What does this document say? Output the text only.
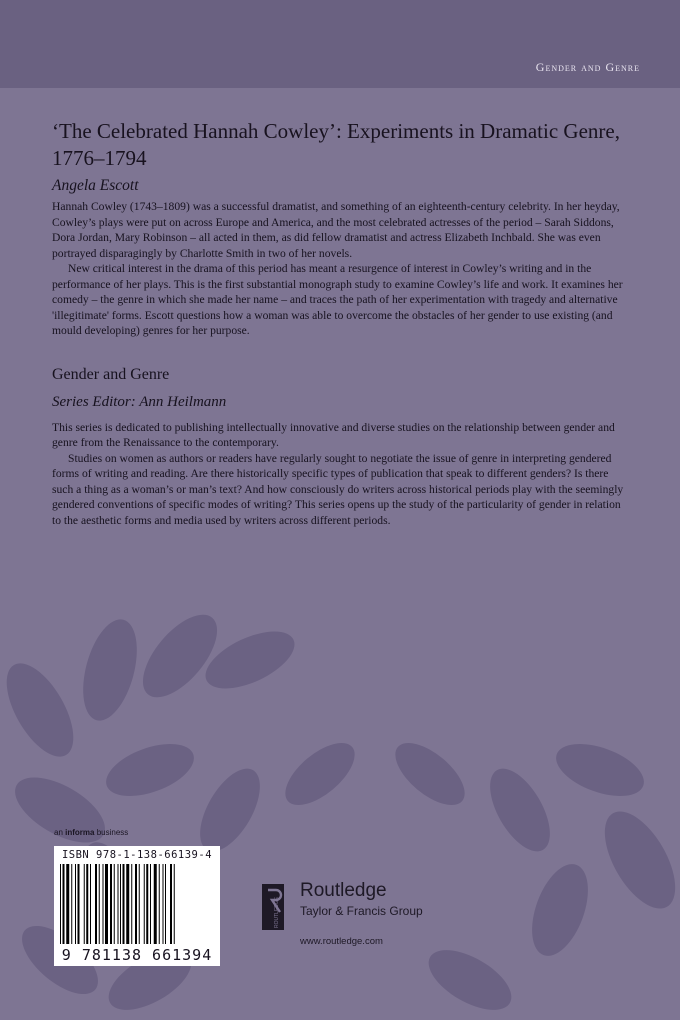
Gender and Genre
‘The Celebrated Hannah Cowley’: Experiments in Dramatic Genre, 1776–1794
Angela Escott

Hannah Cowley (1743–1809) was a successful dramatist, and something of an eighteenth-century celebrity. In her heyday, Cowley’s plays were put on across Europe and America, and the most celebrated actresses of the period – Sarah Siddons, Dora Jordan, Mary Robinson – all acted in them, as did fellow dramatist and actress Elizabeth Inchbald. She was even portrayed disparagingly by Charlotte Smith in two of her novels.

New critical interest in the drama of this period has meant a resurgence of interest in Cowley’s writing and in the performance of her plays. This is the first substantial monograph study to examine Cowley’s life and work. It examines her comedy – the genre in which she made her name – and traces the path of her experimentation with tragedy and alternative 'illegitimate' forms. Escott questions how a woman was able to overcome the obstacles of her gender to use existing (and mould developing) genres for her purpose.

Gender and Genre
Series Editor: Ann Heilmann

This series is dedicated to publishing intellectually innovative and diverse studies on the relationship between gender and genre from the Renaissance to the contemporary.

Studies on women as authors or readers have regularly sought to negotiate the issue of genre in interpreting gendered forms of writing and reading. Are there historically specific types of publication that speak to different genders? Is there such a thing as a woman’s or man’s text? And how consciously do writers across historical periods play with the seemingly gendered conventions of specific modes of writing? This series opens up the study of the particularity of gender in relation to the aesthetic forms and media used by writers across different periods.

an informa business
ISBN 978-1-138-66139-4
9 781138 661394
ROUTLEDGE
Routledge
Taylor & Francis Group
www.routledge.com
